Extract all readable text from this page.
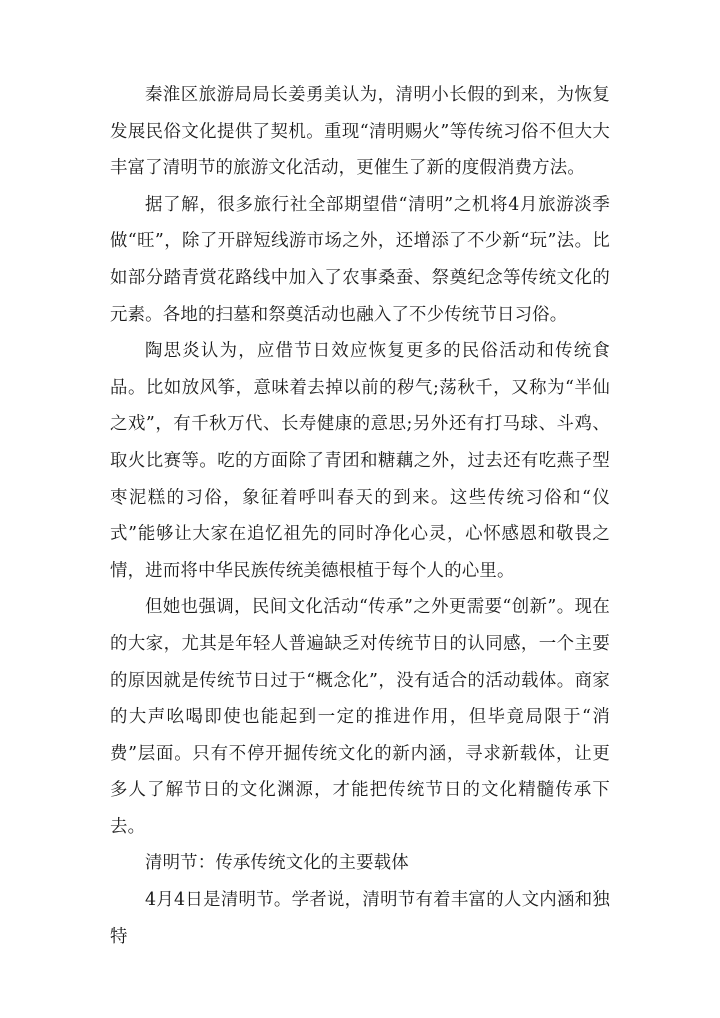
秦淮区旅游局局长姜勇美认为，清明小长假的到来，为恢复发展民俗文化提供了契机。重现“清明赐火”等传统习俗不但大大丰富了清明节的旅游文化活动，更催生了新的度假消费方法。

据了解，很多旅行社全部期望借“清明”之机将4月旅游淡季做“旺”，除了开辟短线游市场之外，还增添了不少新“玩”法。比如部分踏青赏花路线中加入了农事桑蚕、祭奠纪念等传统文化的元素。各地的扫墓和祭奠活动也融入了不少传统节日习俗。

陶思炎认为，应借节日效应恢复更多的民俗活动和传统食品。比如放风筝，意味着去掉以前的秽气;荡秋千，又称为“半仙之戏”，有千秋万代、长寿健康的意思;另外还有打马球、斗鸡、取火比赛等。吃的方面除了青团和糖藕之外，过去还有吃燕子型枣泥糕的习俗，象征着呼叫春天的到来。这些传统习俗和“仪式”能够让大家在追忆祖先的同时净化心灵，心怀感恩和敬畏之情，进而将中华民族传统美德根植于每个人的心里。

但她也强调，民间文化活动“传承”之外更需要“创新”。现在的大家，尤其是年轻人普遍缺乏对传统节日的认同感，一个主要的原因就是传统节日过于“概念化”，没有适合的活动载体。商家的大声吆喝即使也能起到一定的推进作用，但毕竟局限于“消费”层面。只有不停开掘传统文化的新内涵，寻求新载体，让更多人了解节日的文化渊源，才能把传统节日的文化精髓传承下去。

清明节：传承传统文化的主要载体

4月4日是清明节。学者说，清明节有着丰富的人文内涵和独特
